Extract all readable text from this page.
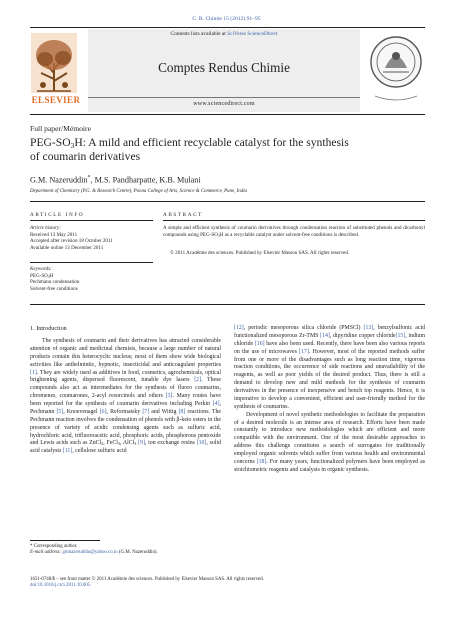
C. R. Chimie 15 (2012) 91–95
Contents lists available at SciVerse ScienceDirect
Comptes Rendus Chimie
www.sciencedirect.com
ELSEVIER
Full paper/Mémoire
PEG-$SO_3H$: A mild and efficient recyclable catalyst for the synthesis
of coumarin derivatives
G.M. Nazeruddin*, M.S. Pandharpatte, K.B. Mulani
Department of Chemistry (P.G. & Research Centre), Poona College of Arts, Science & Commerce, Pune, India
ARTICLE INFO	ABSTRACT
Article history:
Received 13 May 2011
Accepted after revision 18 October 2011
Available online 13 December 2011
Keywords:
PEG-$SO_3H$
Pechmann condensation
Solvent-free conditions
A simple and efficient synthesis of coumarin derivatives through condensation reaction of substituted phenols and dicarbonyl compounds using PEG-$SO_3H$ as a recyclable catalyst under solvent-free conditions is described.
© 2011 Académie des sciences. Published by Elsevier Masson SAS. All rights reserved.
1. Introduction

The synthesis of coumarin and their derivatives has attracted considerable attention of organic and medicinal chemists, because a large number of natural products contain this heterocyclic nucleus; most of them show wide biological activities like anthelmintic, hypnotic, insecticidal and anticoagulant properties [1]. They are widely used as additives in food, cosmetics, agrochemicals, optical brightening agents, dispersed fluorescent, tunable dye lasers [2]. These compounds also act as intermediates for the synthesis of fluoro coumarins, chromenes, coumarones, 2-acyl resorcinols and others [3]. Many routes have been reported for the synthesis of coumarin derivatives including Perkin [4], Pechmann [5], Knoevenagel [6], Reformatsky [7] and Wittig [8] reactions. The Pechmann reaction involves the condensation of phenols with β-keto esters in the presence of variety of acidic condensing agents such as sulfuric acid, hydrochloric acid, trifluoroacetic acid, phosphoric acids, phosphorous pentoxide and Lewis acids such as ZnCl$_2$, FeCl$_3$, AlCl$_3$ [9], ion exchange resins [10], solid acid catalysts [11], cellulose sulfuric acid

[12], periodic mesoporous silica chloride (PMSCl) [13], benzylsulfonic acid functionalized mesoporous Zr-TMS [14], dipyridine copper chloride[15], indium chloride [16] have also been used. Recently, there have been also various reports on the use of microwaves [17]. However, most of the reported methods suffer from one or more of the disadvantages such as long reaction time, vigorous reaction conditions, the occurrence of side reactions and unavailability of the reagents, as well as poor yields of the desired product. Thus, there is still a demand to develop new and mild methods for the synthesis of coumarin derivatives in the presence of inexpensive and bench top reagents. Hence, it is imperative to develop a convenient, efficient and user-friendly method for the synthesis of coumarins.

Development of novel synthetic methodologies to facilitate the preparation of a desired molecule is an intense area of research. Efforts have been made constantly to introduce new methodologies which are efficient and more compatible with the environment. One of the most desirable approaches to address this challenge constitutes a search of surrogates for traditionally employed organic solvents which suffer from various health and environmental concerns [18]. For many years, functionalized polymers have been employed as stoichiometric reagents and catalysts in organic synthesis.

* Corresponding author.
E-mail address: gmnazeruddin@yahoo.co.in (G.M. Nazeruddin).
1631-0748/$ – see front matter © 2011 Académie des sciences. Published by Elsevier Masson SAS. All rights reserved.
doi:10.1016/j.crci.2011.10.005
